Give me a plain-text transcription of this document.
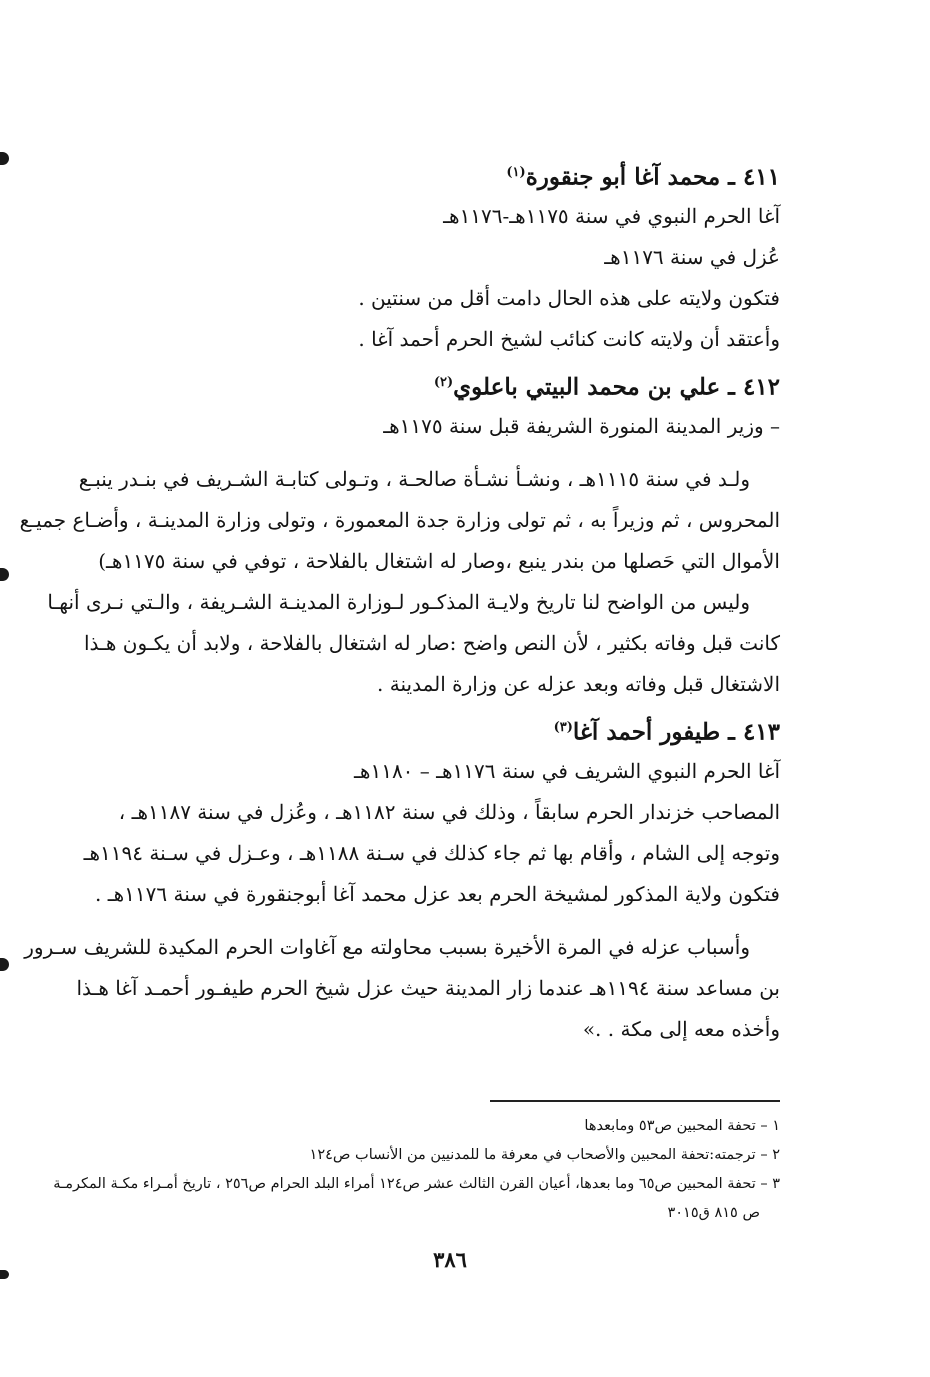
٤١١ ـ محمد آغا أبو جنقورة$^{(١)}$
آغا الحرم النبوي في سنة ١١٧٥هـ-١١٧٦هـ
عُزل في سنة ١١٧٦هـ
فتكون ولايته على هذه الحال دامت أقل من سنتين .
وأعتقد أن ولايته كانت كنائب لشيخ الحرم أحمد آغا .
٤١٢ ـ علي بن محمد البيتي باعلوي$^{(٢)}$
– وزير المدينة المنورة الشريفة قبل سنة ١١٧٥هـ
ولـد في سنة ١١١٥هـ ، ونشـأ نشـأة صالحـة ، وتـولى كتابـة الشـريف في بنـدر ينبـع
المحروس ، ثم وزيراً به ، ثم تولى وزارة جدة المعمورة ، وتولى وزارة المدينـة ، وأضـاع جميـع
الأموال التي حَصلها من بندر ينبع ،وصار له اشتغال بالفلاحة ، توفي في سنة ١١٧٥هـ)
وليس من الواضح لنا تاريخ ولايـة المذكـور لـوزارة المدينـة الشـريفة ، والـتي نـرى أنهـا
كانت قبل وفاته بكثير ، لأن النص واضح :صار له اشتغال بالفلاحة ، ولابد أن يكـون هـذا
الاشتغال قبل وفاته وبعد عزله عن وزارة المدينة .
٤١٣ ـ طيفور أحمد آغا$^{(٣)}$
آغا الحرم النبوي الشريف في سنة ١١٧٦هـ – ١١٨٠هـ
المصاحب خزندار الحرم سابقاً ، وذلك في سنة ١١٨٢هـ ، وعُزل في سنة ١١٨٧هـ ،
وتوجه إلى الشام ، وأقام بها ثم جاء كذلك في سـنة ١١٨٨هـ ، وعـزل في سـنة ١١٩٤هـ
فتكون ولاية المذكور لمشيخة الحرم بعد عزل محمد آغا أبوجنقورة في سنة ١١٧٦هـ .
وأسباب عزله في المرة الأخيرة بسبب محاولته مع آغاوات الحرم المكيدة للشريف سـرور
بن مساعد سنة ١١٩٤هـ عندما زار المدينة حيث عزل شيخ الحرم طيفـور أحمـد آغا هـذا
وأخذه معه إلى مكة . .»
١ – تحفة المحبين ص٥٣ ومابعدها
٢ – ترجمته:تحفة المحبين والأصحاب في معرفة ما للمدنيين من الأنساب ص١٢٤
٣ – تحفة المحبين ص٦٥ وما بعدها، أعيان القرن الثالث عشر ص١٢٤ أمراء البلد الحرام ص٢٥٦ ، تاريخ أمـراء مكـة المكرمـة
ص ٨١٥ ق٣٠١٥
٣٨٦
